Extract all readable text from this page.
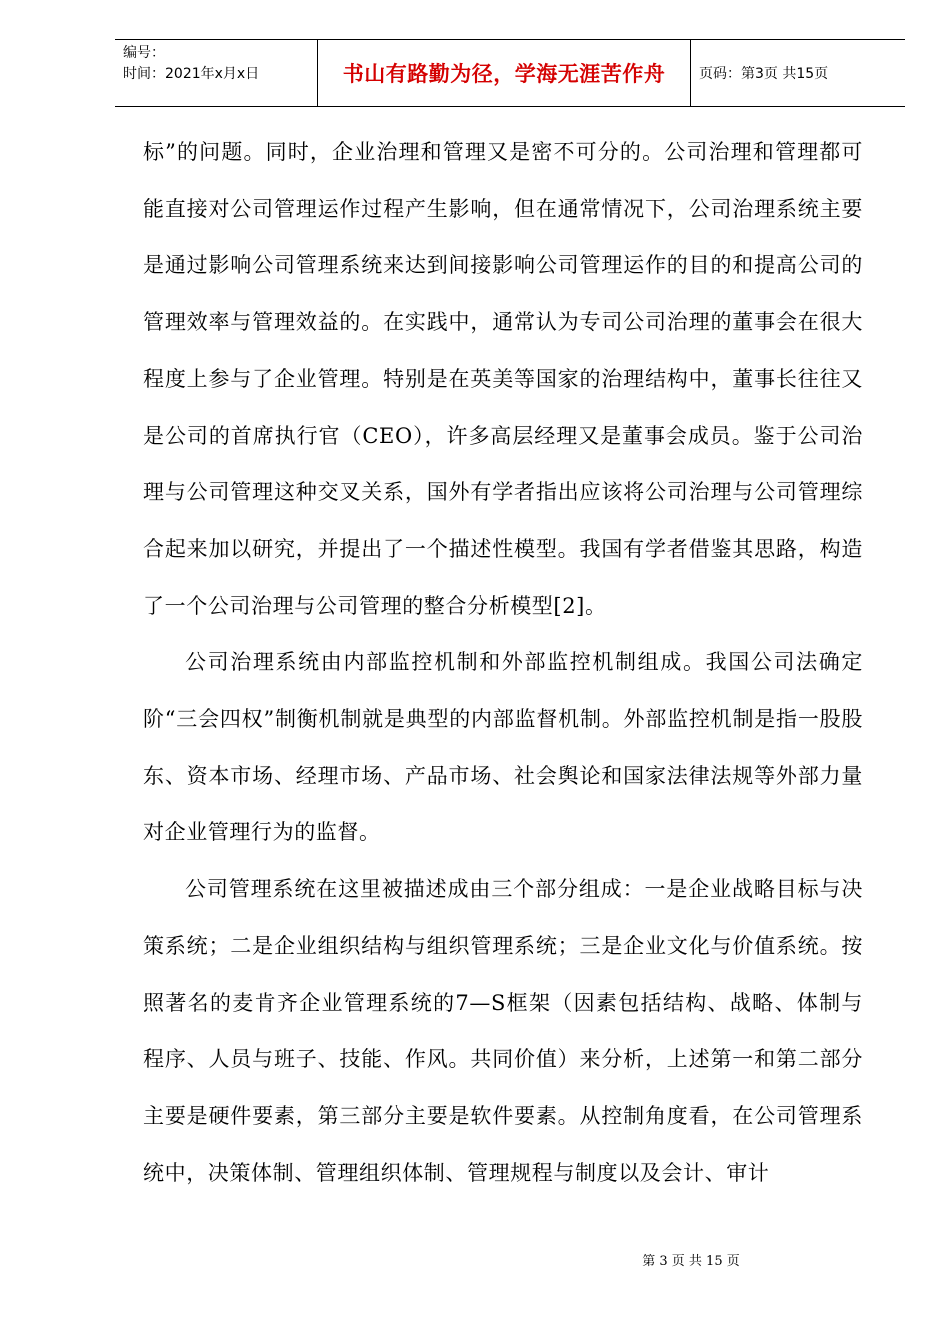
编号：
时间：2021年x月x日	书山有路勤为径，学海无涯苦作舟	页码：第3页 共15页

标”的问题。同时，企业治理和管理又是密不可分的。公司治理和管理都可能直接对公司管理运作过程产生影响，但在通常情况下，公司治理系统主要是通过影响公司管理系统来达到间接影响公司管理运作的目的和提高公司的管理效率与管理效益的。在实践中，通常认为专司公司治理的董事会在很大程度上参与了企业管理。特别是在英美等国家的治理结构中，董事长往往又是公司的首席执行官（CEO），许多高层经理又是董事会成员。鉴于公司治理与公司管理这种交叉关系，国外有学者指出应该将公司治理与公司管理综合起来加以研究，并提出了一个描述性模型。我国有学者借鉴其思路，构造了一个公司治理与公司管理的整合分析模型[2]。

公司治理系统由内部监控机制和外部监控机制组成。我国公司法确定阶“三会四权”制衡机制就是典型的内部监督机制。外部监控机制是指一股股东、资本市场、经理市场、产品市场、社会舆论和国家法律法规等外部力量对企业管理行为的监督。

公司管理系统在这里被描述成由三个部分组成：一是企业战略目标与决策系统；二是企业组织结构与组织管理系统；三是企业文化与价值系统。按照著名的麦肯齐企业管理系统的7—S框架（因素包括结构、战略、体制与程序、人员与班子、技能、作风。共同价值）来分析，上述第一和第二部分主要是硬件要素，第三部分主要是软件要素。从控制角度看，在公司管理系统中，决策体制、管理组织体制、管理规程与制度以及会计、审计

第 3 页 共 15 页
